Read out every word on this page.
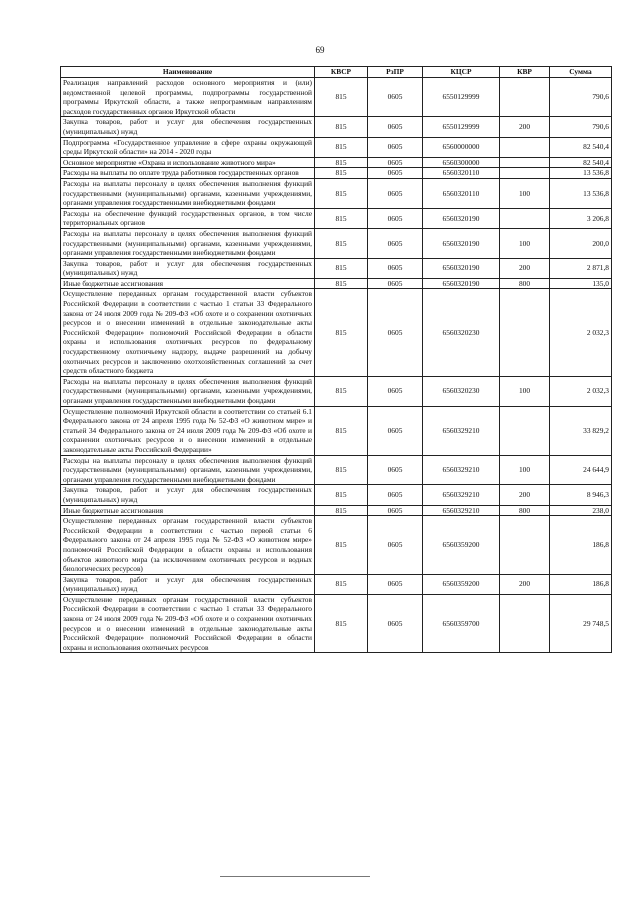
69
Наименование	КВСР	РзПР	КЦСР	КВР	Сумма
Реализация направлений расходов основного мероприятия и (или) ведомственной целевой программы, подпрограммы государственной программы Иркутской области, а также непрограммным направлениям расходов государственных органов Иркутской области	815	0605	6550129999		790,6
Закупка товаров, работ и услуг для обеспечения государственных (муниципальных) нужд	815	0605	6550129999	200	790,6
Подпрограмма «Государственное управление в сфере охраны окружающей среды Иркутской области» на 2014 - 2020 годы	815	0605	6560000000		82 540,4
Основное мероприятие «Охрана и использование животного мира»	815	0605	6560300000		82 540,4
Расходы на выплаты по оплате труда работников государственных органов	815	0605	6560320110		13 536,8
Расходы на выплаты персоналу в целях обеспечения выполнения функций государственными (муниципальными) органами, казенными учреждениями, органами управления государственными внебюджетными фондами	815	0605	6560320110	100	13 536,8
Расходы на обеспечение функций государственных органов, в том числе территориальных органов	815	0605	6560320190		3 206,8
Расходы на выплаты персоналу в целях обеспечения выполнения функций государственными (муниципальными) органами, казенными учреждениями, органами управления государственными внебюджетными фондами	815	0605	6560320190	100	200,0
Закупка товаров, работ и услуг для обеспечения государственных (муниципальных) нужд	815	0605	6560320190	200	2 871,8
Иные бюджетные ассигнования	815	0605	6560320190	800	135,0
Осуществление переданных органам государственной власти субъектов Российской Федерации в соответствии с частью 1 статьи 33 Федерального закона от 24 июля 2009 года № 209-ФЗ «Об охоте и о сохранении охотничьих ресурсов и о внесении изменений в отдельные законодательные акты Российской Федерации» полномочий Российской Федерации в области охраны и использования охотничьих ресурсов по федеральному государственному охотничьему надзору, выдаче разрешений на добычу охотничьих ресурсов и заключению охотхозяйственных соглашений за счет средств областного бюджета	815	0605	6560320230		2 032,3
Расходы на выплаты персоналу в целях обеспечения выполнения функций государственными (муниципальными) органами, казенными учреждениями, органами управления государственными внебюджетными фондами	815	0605	6560320230	100	2 032,3
Осуществление полномочий Иркутской области в соответствии со статьей 6.1 Федерального закона от 24 апреля 1995 года № 52-ФЗ «О животном мире» и статьей 34 Федерального закона от 24 июля 2009 года № 209-ФЗ «Об охоте и сохранении охотничьих ресурсов и о внесении изменений в отдельные законодательные акты Российской Федерации»	815	0605	6560329210		33 829,2
Расходы на выплаты персоналу в целях обеспечения выполнения функций государственными (муниципальными) органами, казенными учреждениями, органами управления государственными внебюджетными фондами	815	0605	6560329210	100	24 644,9
Закупка товаров, работ и услуг для обеспечения государственных (муниципальных) нужд	815	0605	6560329210	200	8 946,3
Иные бюджетные ассигнования	815	0605	6560329210	800	238,0
Осуществление переданных органам государственной власти субъектов Российской Федерации в соответствии с частью первой статьи 6 Федерального закона от 24 апреля 1995 года № 52-ФЗ «О животном мире» полномочий Российской Федерации в области охраны и использования объектов животного мира (за исключением охотничьих ресурсов и водных биологических ресурсов)	815	0605	6560359200		186,8
Закупка товаров, работ и услуг для обеспечения государственных (муниципальных) нужд	815	0605	6560359200	200	186,8
Осуществление переданных органам государственной власти субъектов Российской Федерации в соответствии с частью 1 статьи 33 Федерального закона от 24 июля 2009 года № 209-ФЗ «Об охоте и о сохранении охотничьих ресурсов и о внесении изменений в отдельные законодательные акты Российской Федерации» полномочий Российской Федерации в области охраны и использования охотничьих ресурсов	815	0605	6560359700		29 748,5
